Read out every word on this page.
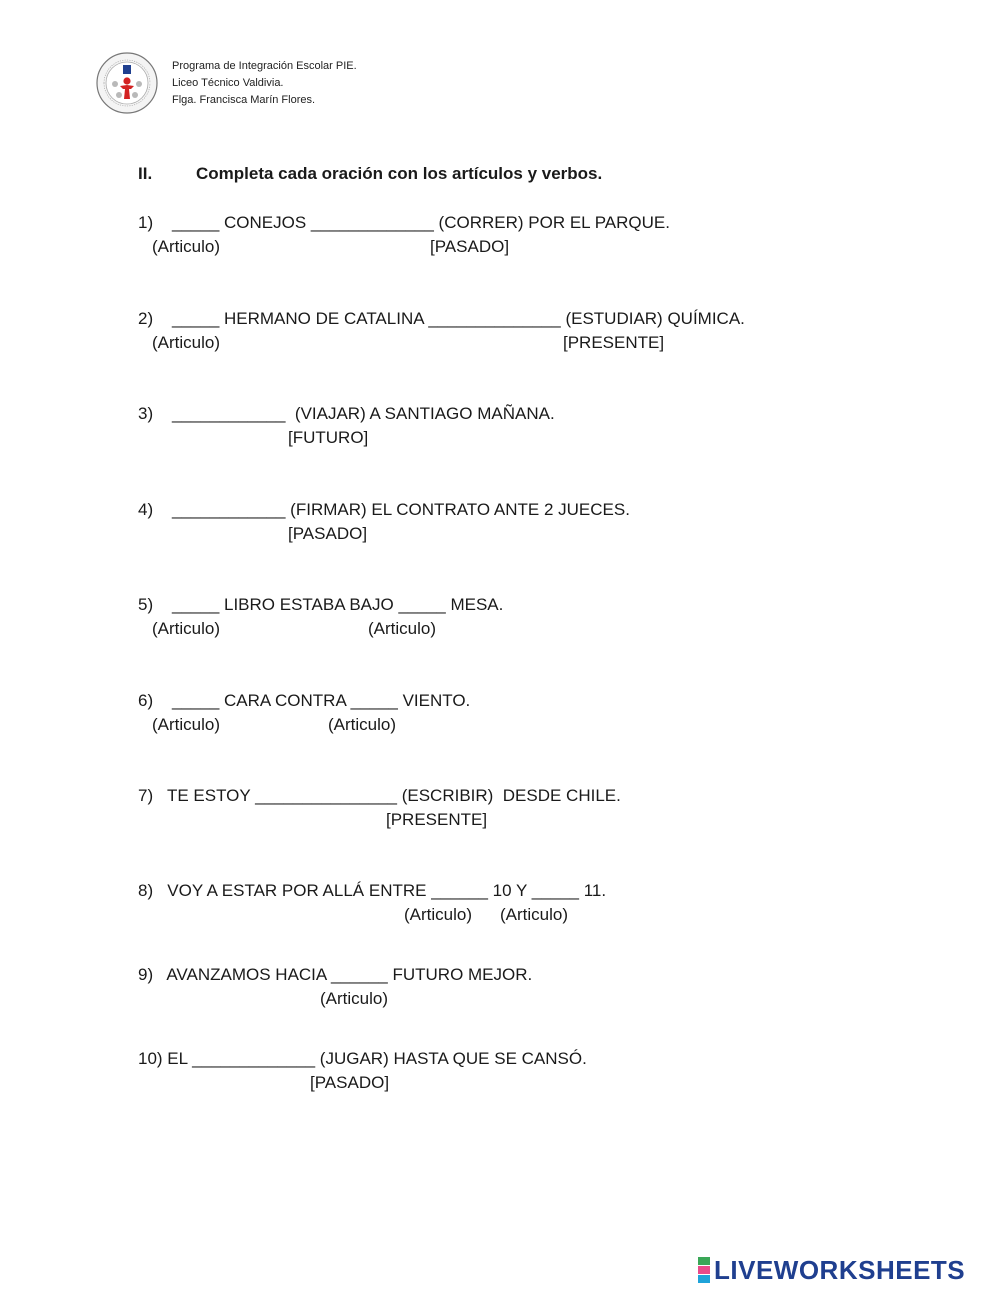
Programa de Integración Escolar PIE.
Liceo Técnico Valdivia.
Flga. Francisca Marín Flores.
II.	Completa cada oración con los artículos y verbos.
1)    _____ CONEJOS _____________ (CORRER) POR EL PARQUE.
(Articulo)	[PASADO]
2)    _____ HERMANO DE CATALINA ______________ (ESTUDIAR) QUÍMICA.
(Articulo)	[PRESENTE]
3)    ____________  (VIAJAR) A SANTIAGO MAÑANA.
[FUTURO]
4)    ____________ (FIRMAR) EL CONTRATO ANTE 2 JUECES.
[PASADO]
5)    _____ LIBRO ESTABA BAJO _____ MESA.
(Articulo)	(Articulo)
6)    _____ CARA CONTRA _____ VIENTO.
(Articulo)	(Articulo)
7)   TE ESTOY _______________ (ESCRIBIR)  DESDE CHILE.
[PRESENTE]
8)   VOY A ESTAR POR ALLÁ ENTRE ______ 10 Y _____ 11.
(Articulo) (Articulo)
9)   AVANZAMOS HACIA ______ FUTURO MEJOR.
(Articulo)
10) EL _____________ (JUGAR) HASTA QUE SE CANSÓ.
[PASADO]
LIVEWORKSHEETS
